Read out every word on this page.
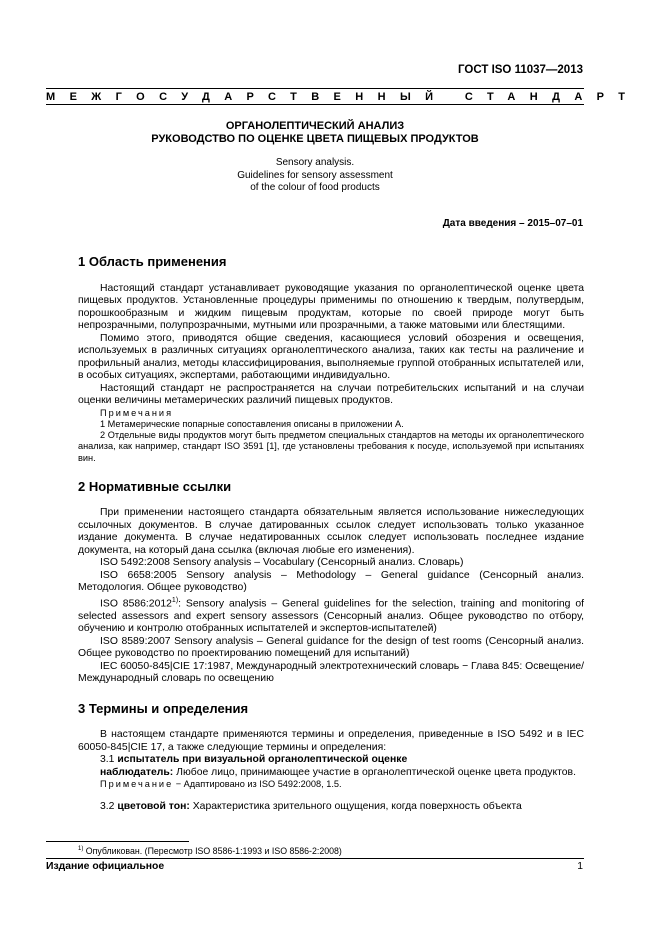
ГОСТ ISO 11037—2013
МЕЖГОСУДАРСТВЕННЫЙ СТАНДАРТ
ОРГАНОЛЕПТИЧЕСКИЙ АНАЛИЗ
РУКОВОДСТВО ПО ОЦЕНКЕ ЦВЕТА ПИЩЕВЫХ ПРОДУКТОВ
Sensory analysis.
Guidelines for sensory assessment
of the colour of food products
Дата введения – 2015–07–01

1 Область применения

Настоящий стандарт устанавливает руководящие указания по органолептической оценке цвета пищевых продуктов. Установленные процедуры применимы по отношению к твердым, полутвердым, порошкообразным и жидким пищевым продуктам, которые по своей природе могут быть непрозрачными, полупрозрачными, мутными или прозрачными, а также матовыми или блестящими.

Помимо этого, приводятся общие сведения, касающиеся условий обозрения и освещения, используемых в различных ситуациях органолептического анализа, таких как тесты на различение и профильный анализ, методы классифицирования, выполняемые группой отобранных испытателей или, в особых ситуациях, экспертами, работающими индивидуально.

Настоящий стандарт не распространяется на случаи потребительских испытаний и на случаи оценки величины метамерических различий пищевых продуктов.

Примечания

1 Метамерические попарные сопоставления описаны в приложении А.

2 Отдельные виды продуктов могут быть предметом специальных стандартов на методы их органолептического анализа, как например, стандарт ISO 3591 [1], где установлены требования к посуде, используемой при испытаниях вин.

2 Нормативные ссылки

При применении настоящего стандарта обязательным является использование нижеследующих ссылочных документов. В случае датированных ссылок следует использовать только указанное издание документа. В случае недатированных ссылок следует использовать последнее издание документа, на который дана ссылка (включая любые его изменения).

ISO 5492:2008 Sensory analysis – Vocabulary (Сенсорный анализ. Словарь)

ISO 6658:2005 Sensory analysis – Methodology – General guidance (Сенсорный анализ. Методология. Общее руководство)

ISO 8586:2012$^{1)}$: Sensory analysis – General guidelines for the selection, training and monitoring of selected assessors and expert sensory assessors (Сенсорный анализ. Общее руководство по отбору, обучению и контролю отобранных испытателей и экспертов-испытателей)

ISO 8589:2007 Sensory analysis – General guidance for the design of test rooms (Сенсорный анализ. Общее руководство по проектированию помещений для испытаний)

IEC 60050-845|CIE 17:1987, Международный электротехнический словарь − Глава 845: Освещение/Международный словарь по освещению

3 Термины и определения

В настоящем стандарте применяются термины и определения, приведенные в ISO 5492 и в IEC 60050-845|CIE 17, а также следующие термины и определения:

3.1 испытатель при визуальной органолептической оценке

наблюдатель: Любое лицо, принимающее участие в органолептической оценке цвета продуктов.

Примечание − Адаптировано из ISO 5492:2008, 1.5.

3.2 цветовой тон: Характеристика зрительного ощущения, когда поверхность объекта

$^{1)}$ Опубликован. (Пересмотр ISO 8586-1:1993 и ISO 8586-2:2008)
Издание официальное	1
